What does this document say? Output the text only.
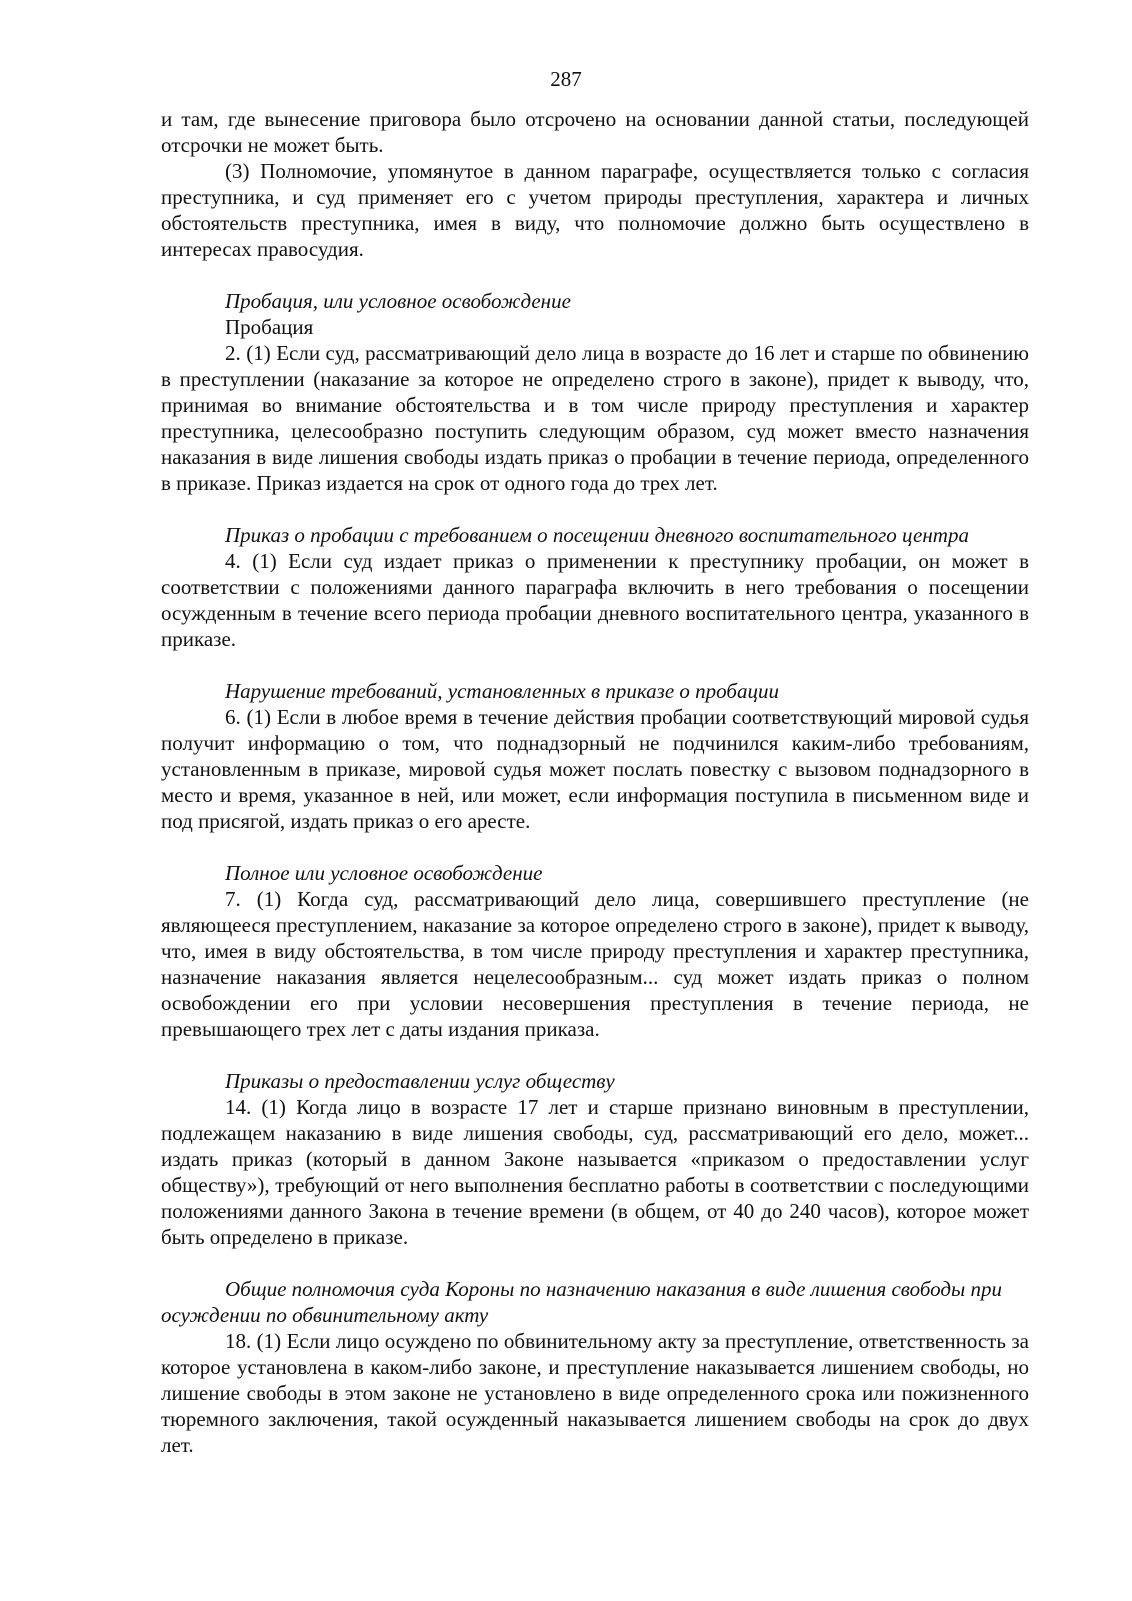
287

и там, где вынесение приговора было отсрочено на основании данной статьи, последующей отсрочки не может быть.

(3) Полномочие, упомянутое в данном параграфе, осуществляется только с согласия преступника, и суд применяет его с учетом природы преступления, характера и личных обстоятельств преступника, имея в виду, что полномочие должно быть осуществлено в интересах правосудия.

Пробация, или условное освобождение

Пробация

2. (1) Если суд, рассматривающий дело лица в возрасте до 16 лет и старше по обвинению в преступлении (наказание за которое не определено строго в законе), придет к выводу, что, принимая во внимание обстоятельства и в том числе природу преступления и характер преступника, целесообразно поступить следующим образом, суд может вместо назначения наказания в виде лишения свободы издать приказ о пробации в течение периода, определенного в приказе. Приказ издается на срок от одного года до трех лет.

Приказ о пробации с требованием о посещении дневного воспитательного центра

4. (1) Если суд издает приказ о применении к преступнику пробации, он может в соответствии с положениями данного параграфа включить в него требования о посещении осужденным в течение всего периода пробации дневного воспитательного центра, указанного в приказе.

Нарушение требований, установленных в приказе о пробации

6. (1) Если в любое время в течение действия пробации соответствующий мировой судья получит информацию о том, что поднадзорный не подчинился каким-либо требованиям, установленным в приказе, мировой судья может послать повестку с вызовом поднадзорного в место и время, указанное в ней, или может, если информация поступила в письменном виде и под присягой, издать приказ о его аресте.

Полное или условное освобождение

7. (1) Когда суд, рассматривающий дело лица, совершившего преступление (не являющееся преступлением, наказание за которое определено строго в законе), придет к выводу, что, имея в виду обстоятельства, в том числе природу преступления и характер преступника, назначение наказания является нецелесообразным... суд может издать приказ о полном освобождении его при условии несовершения преступления в течение периода, не превышающего трех лет с даты издания приказа.

Приказы о предоставлении услуг обществу

14. (1) Когда лицо в возрасте 17 лет и старше признано виновным в преступлении, подлежащем наказанию в виде лишения свободы, суд, рассматривающий его дело, может... издать приказ (который в данном Законе называется «приказом о предоставлении услуг обществу»), требующий от него выполнения бесплатно работы в соответствии с последующими положениями данного Закона в течение времени (в общем, от 40 до 240 часов), которое может быть определено в приказе.

Общие полномочия суда Короны по назначению наказания в виде лишения свободы при осуждении по обвинительному акту

18. (1) Если лицо осуждено по обвинительному акту за преступление, ответственность за которое установлена в каком-либо законе, и преступление наказывается лишением свободы, но лишение свободы в этом законе не установлено в виде определенного срока или пожизненного тюремного заключения, такой осужденный наказывается лишением свободы на срок до двух лет.
